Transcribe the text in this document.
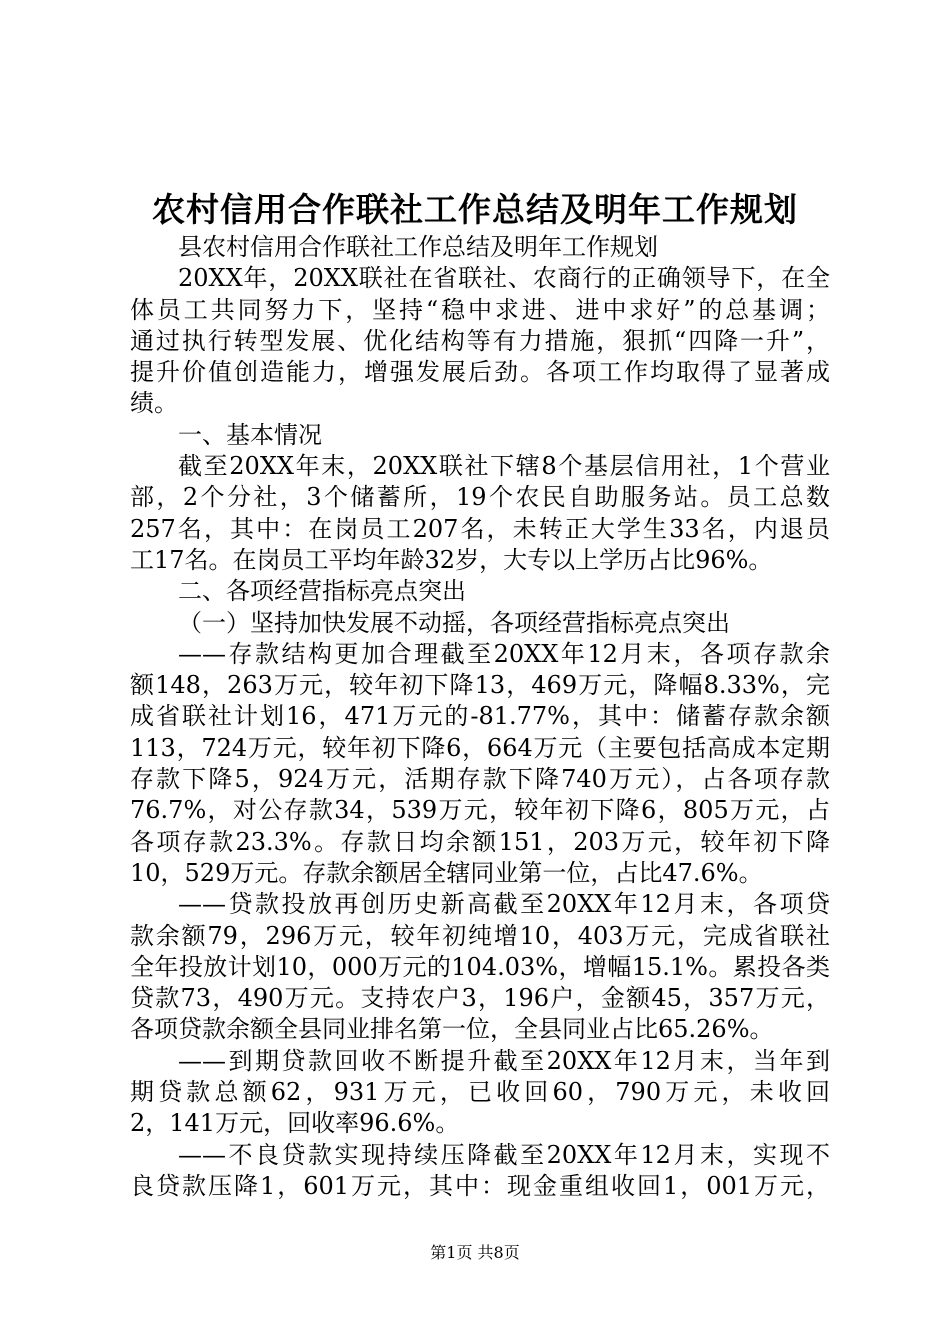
农村信用合作联社工作总结及明年工作规划
县农村信用合作联社工作总结及明年工作规划
20XX年，20XX联社在省联社、农商行的正确领导下，在全
体员工共同努力下，坚持“稳中求进、进中求好”的总基调；
通过执行转型发展、优化结构等有力措施，狠抓“四降一升”，
提升价值创造能力，增强发展后劲。各项工作均取得了显著成
绩。
一、基本情况
截至20XX年末，20XX联社下辖8个基层信用社，1个营业
部，2个分社，3个储蓄所，19个农民自助服务站。员工总数
257名，其中：在岗员工207名，未转正大学生33名，内退员
工17名。在岗员工平均年龄32岁，大专以上学历占比96%。
二、各项经营指标亮点突出
（一）坚持加快发展不动摇，各项经营指标亮点突出
——存款结构更加合理截至20XX年12月末，各项存款余
额148，263万元，较年初下降13，469万元，降幅8.33%，完
成省联社计划16，471万元的-81.77%，其中：储蓄存款余额
113，724万元，较年初下降6，664万元（主要包括高成本定期
存款下降5，924万元，活期存款下降740万元），占各项存款
76.7%，对公存款34，539万元，较年初下降6，805万元，占
各项存款23.3%。存款日均余额151，203万元，较年初下降
10，529万元。存款余额居全辖同业第一位，占比47.6%。
——贷款投放再创历史新高截至20XX年12月末，各项贷
款余额79，296万元，较年初纯增10，403万元，完成省联社
全年投放计划10，000万元的104.03%，增幅15.1%。累投各类
贷款73，490万元。支持农户3，196户，金额45，357万元，
各项贷款余额全县同业排名第一位，全县同业占比65.26%。
——到期贷款回收不断提升截至20XX年12月末，当年到
期贷款总额62，931万元，已收回60，790万元，未收回
2，141万元，回收率96.6%。
——不良贷款实现持续压降截至20XX年12月末，实现不
良贷款压降1，601万元，其中：现金重组收回1，001万元，
第1页 共8页
